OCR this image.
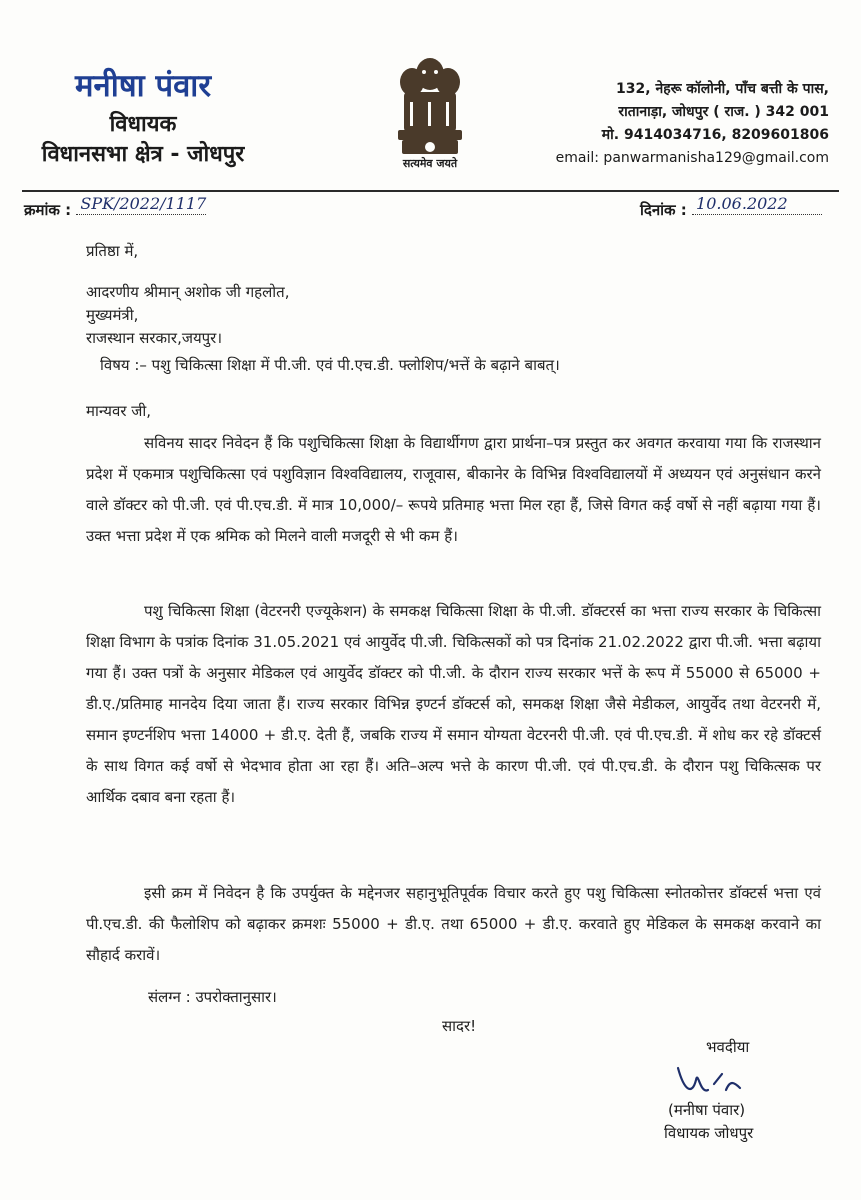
मनीषा पंवार
विधायक
विधानसभा क्षेत्र - जोधपुर	सत्यमेव जयते
132, नेहरू कॉलोनी, पाँच बत्ती के पास,
रातानाड़ा, जोधपुर ( राज. ) 342 001
मो. 9414034716, 8209601806
email: panwarmanisha129@gmail.com
क्रमांक : SPK/2022/1117	दिनांक : 10.06.2022
प्रतिष्ठा में,
आदरणीय श्रीमान् अशोक जी गहलोत,
मुख्यमंत्री,
राजस्थान सरकार,जयपुर।
विषय :– पशु चिकित्सा शिक्षा में पी.जी. एवं पी.एच.डी. फ्लोशिप/भत्तें के बढ़ाने बाबत्।
मान्यवर जी,
सविनय सादर निवेदन हैं कि पशुचिकित्सा शिक्षा के विद्यार्थीगण द्वारा प्रार्थना–पत्र प्रस्तुत कर अवगत करवाया गया कि राजस्थान प्रदेश में एकमात्र पशुचिकित्सा एवं पशुविज्ञान विश्वविद्यालय, राजूवास, बीकानेर के विभिन्न विश्वविद्यालयों में अध्ययन एवं अनुसंधान करने वाले डॉक्टर को पी.जी. एवं पी.एच.डी. में मात्र 10,000/– रूपये प्रतिमाह भत्ता मिल रहा हैं, जिसे विगत कई वर्षो से नहीं बढ़ाया गया हैं। उक्त भत्ता प्रदेश में एक श्रमिक को मिलने वाली मजदूरी से भी कम हैं।
पशु चिकित्सा शिक्षा (वेटरनरी एज्यूकेशन) के समकक्ष चिकित्सा शिक्षा के पी.जी. डॉक्टरर्स का भत्ता राज्य सरकार के चिकित्सा शिक्षा विभाग के पत्रांक दिनांक 31.05.2021 एवं आयुर्वेद पी.जी. चिकित्सकों को पत्र दिनांक 21.02.2022 द्वारा पी.जी. भत्ता बढ़ाया गया हैं। उक्त पत्रों के अनुसार मेडिकल एवं आयुर्वेद डॉक्टर को पी.जी. के दौरान राज्य सरकार भत्तें के रूप में 55000 से 65000 + डी.ए./प्रतिमाह मानदेय दिया जाता हैं। राज्य सरकार विभिन्न इण्टर्न डॉक्टर्स को, समकक्ष शिक्षा जैसे मेडीकल, आयुर्वेद तथा वेटरनरी में, समान इण्टर्नशिप भत्ता 14000 + डी.ए. देती हैं, जबकि राज्य में समान योग्यता वेटरनरी पी.जी. एवं पी.एच.डी. में शोध कर रहे डॉक्टर्स के साथ विगत कई वर्षो से भेदभाव होता आ रहा हैं। अति–अल्प भत्ते के कारण पी.जी. एवं पी.एच.डी. के दौरान पशु चिकित्सक पर आर्थिक दबाव बना रहता हैं।
इसी क्रम में निवेदन है कि उपर्युक्त के मद्देनजर सहानुभूतिपूर्वक विचार करते हुए पशु चिकित्सा स्नोतकोत्तर डॉक्टर्स भत्ता एवं पी.एच.डी. की फैलोशिप को बढ़ाकर क्रमशः 55000 + डी.ए. तथा 65000 + डी.ए. करवाते हुए मेडिकल के समकक्ष करवाने का सौहार्द करावें।
संलग्न : उपरोक्तानुसार।
सादर!
भवदीया
(मनीषा पंवार)
विधायक जोधपुर
